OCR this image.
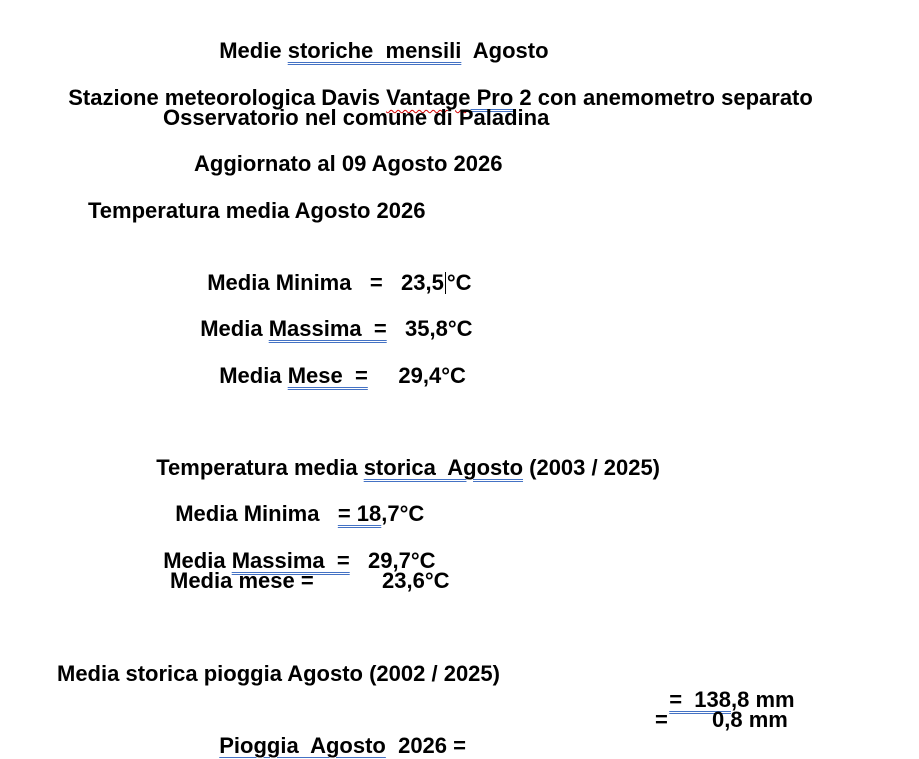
Medie storiche  mensili  Agosto

Stazione meteorologica Davis Vantage Pro 2 con anemometro separato

Osservatorio nel comune di Paladina
Aggiornato al 09 Agosto 2026
Temperatura media Agosto 2026

Media Minima   =   23,5 °C

Media Massima  =   35,8°C

Media Mese  =     29,4°C

Temperatura media storica  Agosto (2003 / 2025)

Media Minima   = 18,7°C

Media Massima  =   29,7°C

Media mese =	23,6°C
Media storica pioggia Agosto (2002 / 2025)

=  138,8 mm

Pioggia  Agosto  2026 =

= 0,8 mm
